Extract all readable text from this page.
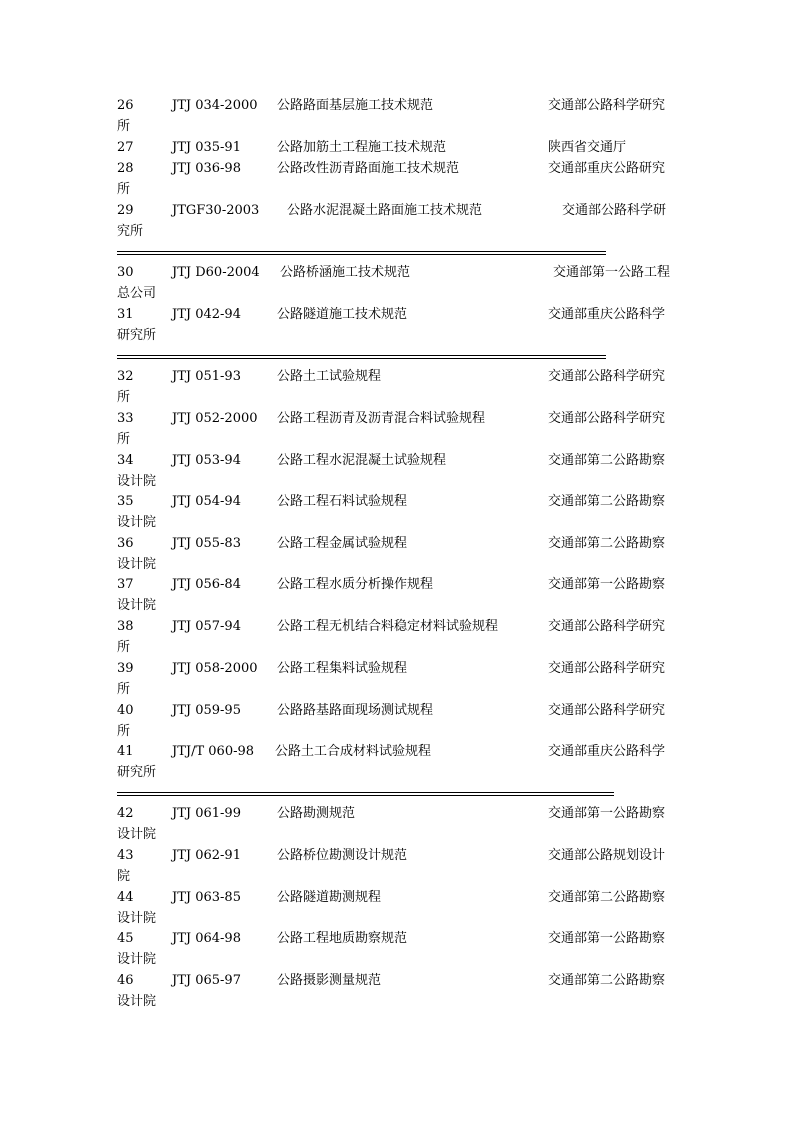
26	JTJ 034-2000 公路路面基层施工技术规范	交通部公路科学研究
所
27	JTJ 035-91	公路加筋土工程施工技术规范	陕西省交通厅
28	JTJ 036-98	公路改性沥青路面施工技术规范	交通部重庆公路研究
所
29	JTGF30-2003 公路水泥混凝土路面施工技术规范	交通部公路科学研
究所
30	JTJ D60-2004 公路桥涵施工技术规范	交通部第一公路工程
总公司
31	JTJ 042-94	公路隧道施工技术规范	交通部重庆公路科学
研究所
32	JTJ 051-93	公路土工试验规程	交通部公路科学研究
所
33	JTJ 052-2000 公路工程沥青及沥青混合料试验规程	交通部公路科学研究
所
34	JTJ 053-94	公路工程水泥混凝土试验规程	交通部第二公路勘察
设计院
35	JTJ 054-94	公路工程石料试验规程	交通部第二公路勘察
设计院
36	JTJ 055-83	公路工程金属试验规程	交通部第二公路勘察
设计院
37	JTJ 056-84	公路工程水质分析操作规程	交通部第一公路勘察
设计院
38	JTJ 057-94	公路工程无机结合料稳定材料试验规程	交通部公路科学研究
所
39	JTJ 058-2000 公路工程集料试验规程	交通部公路科学研究
所
40	JTJ 059-95	公路路基路面现场测试规程	交通部公路科学研究
所
41	JTJ/T 060-98 公路土工合成材料试验规程	交通部重庆公路科学
研究所
42	JTJ 061-99	公路勘测规范	交通部第一公路勘察
设计院
43	JTJ 062-91	公路桥位勘测设计规范	交通部公路规划设计
院
44	JTJ 063-85	公路隧道勘测规程	交通部第二公路勘察
设计院
45	JTJ 064-98	公路工程地质勘察规范	交通部第一公路勘察
设计院
46	JTJ 065-97	公路摄影测量规范	交通部第二公路勘察
设计院
